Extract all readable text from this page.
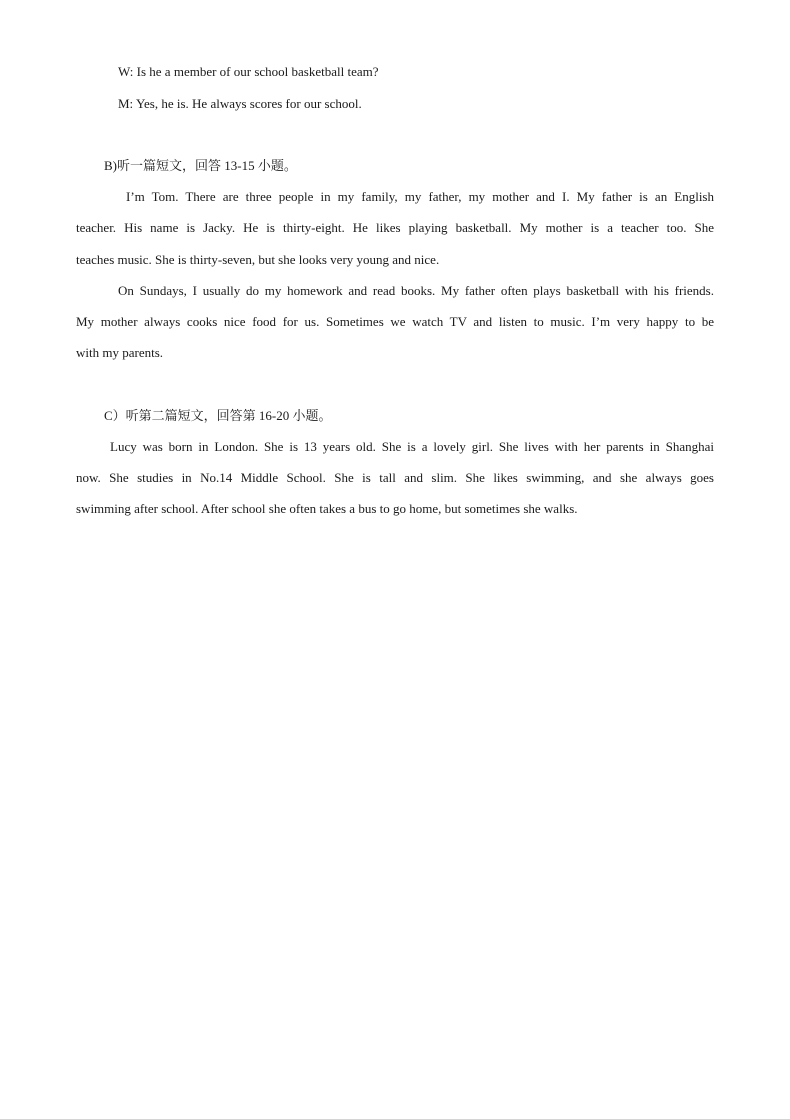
W: Is he a member of our school basketball team?
M: Yes, he is. He always scores for our school.
B)听一篇短文，回答 13-15 小题。
I’m Tom. There are three people in my family, my father, my mother and I. My father is an English
teacher. His name is Jacky. He is thirty-eight. He likes playing basketball. My mother is a teacher too. She
teaches music. She is thirty-seven, but she looks very young and nice.
On Sundays, I usually do my homework and read books. My father often plays basketball with his friends.
My mother always cooks nice food for us. Sometimes we watch TV and listen to music. I’m very happy to be
with my parents.
C）听第二篇短文，回答第 16-20 小题。
Lucy was born in London. She is 13 years old. She is a lovely girl. She lives with her parents in Shanghai
now. She studies in No.14 Middle School. She is tall and slim. She likes swimming, and she always goes
swimming after school. After school she often takes a bus to go home, but sometimes she walks.
